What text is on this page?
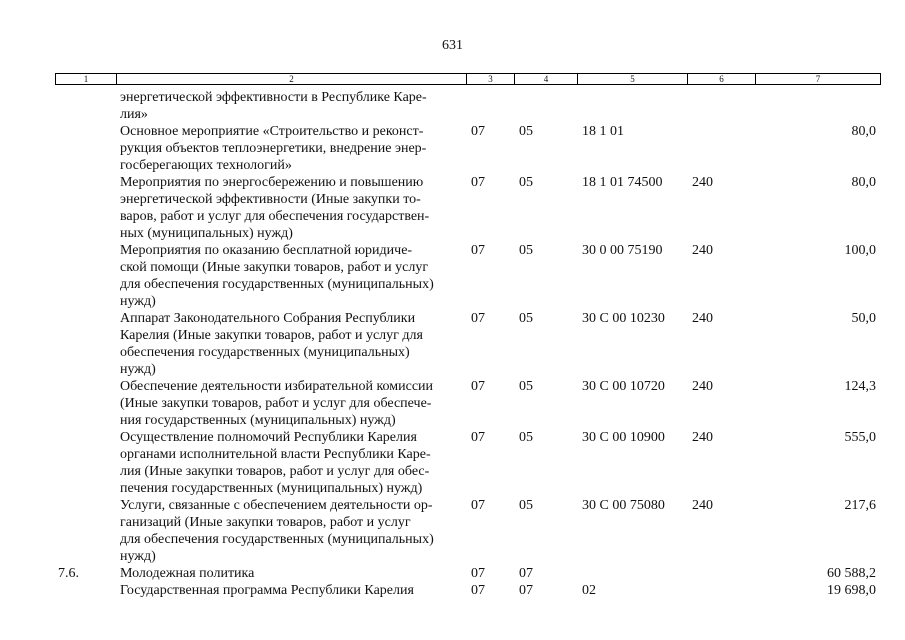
631
1	2	3	4	5	6	7
энергетической эффективности в Республике Каре-
лия»
Основное мероприятие «Строительство и реконст-
рукция объектов теплоэнергетики, внедрение энер-
госберегающих технологий»
07 05	18 1 01	80,0
Мероприятия по энергосбережению и повышению
энергетической эффективности (Иные закупки то-
варов, работ и услуг для обеспечения государствен-
ных (муниципальных) нужд)
07 05	18 1 01 74500 240	80,0
Мероприятия по оказанию бесплатной юридиче-
ской помощи (Иные закупки товаров, работ и услуг
для обеспечения государственных (муниципальных)
нужд)
07 05	30 0 00 75190 240	100,0
Аппарат Законодательного Собрания Республики
Карелия (Иные закупки товаров, работ и услуг для
обеспечения государственных (муниципальных)
нужд)
07 05	30 С 00 10230 240	50,0
Обеспечение деятельности избирательной комиссии
(Иные закупки товаров, работ и услуг для обеспече-
ния государственных (муниципальных) нужд)
07 05	30 С 00 10720 240	124,3
Осуществление полномочий Республики Карелия
органами исполнительной власти Республики Каре-
лия (Иные закупки товаров, работ и услуг для обес-
печения государственных (муниципальных) нужд)
07 05	30 С 00 10900 240	555,0
Услуги, связанные с обеспечением деятельности ор-
ганизаций (Иные закупки товаров, работ и услуг
для обеспечения государственных (муниципальных)
нужд)
07 05	30 С 00 75080 240	217,6
7.6.	Молодежная политика	07 07	60 588,2
Государственная программа Республики Карелия	07 07	02	19 698,0
